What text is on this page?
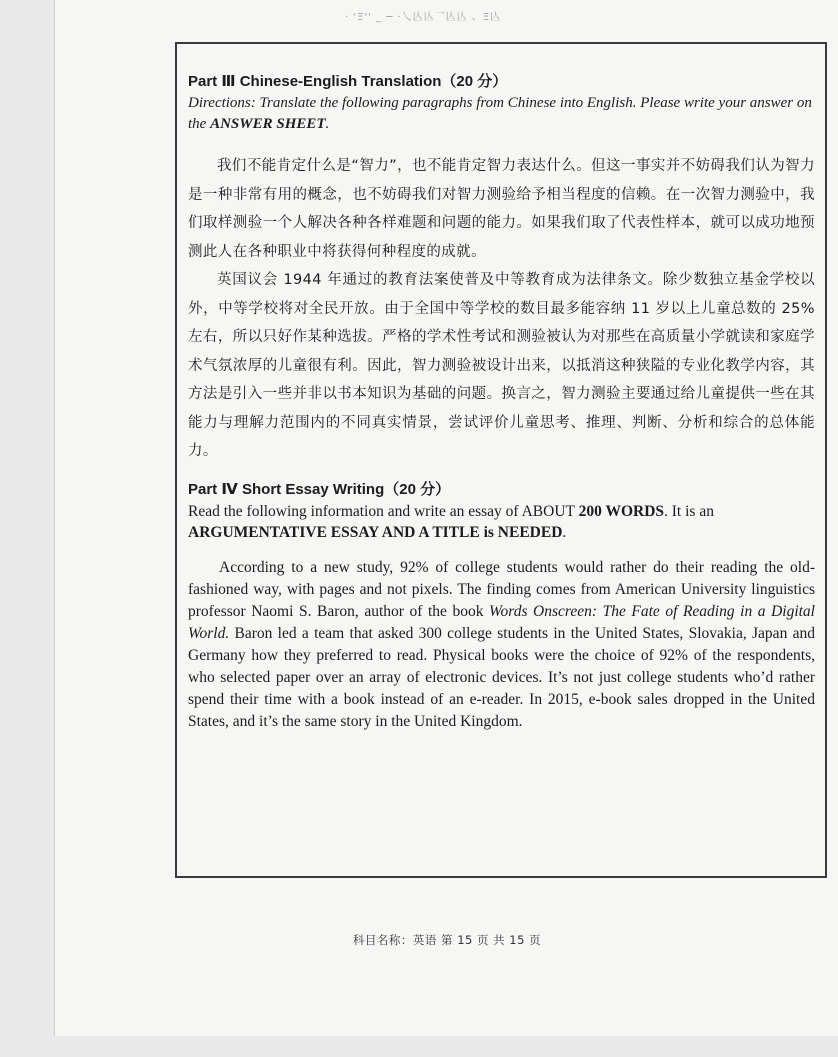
· 'Ξ'' _ ─ ·乀亾亾乛亾亾 、Ξ亾

Part Ⅲ Chinese-English Translation（20 分）

Directions: Translate the following paragraphs from Chinese into English. Please write your answer on the ANSWER SHEET.

我们不能肯定什么是“智力”，也不能肯定智力表达什么。但这一事实并不妨碍我们认为智力是一种非常有用的概念，也不妨碍我们对智力测验给予相当程度的信赖。在一次智力测验中，我们取样测验一个人解决各种各样难题和问题的能力。如果我们取了代表性样本，就可以成功地预测此人在各种职业中将获得何种程度的成就。

英国议会 1944 年通过的教育法案使普及中等教育成为法律条文。除少数独立基金学校以外，中等学校将对全民开放。由于全国中等学校的数目最多能容纳 11 岁以上儿童总数的 25%左右，所以只好作某种选拔。严格的学术性考试和测验被认为对那些在高质量小学就读和家庭学术气氛浓厚的儿童很有利。因此，智力测验被设计出来，以抵消这种狭隘的专业化教学内容，其方法是引入一些并非以书本知识为基础的问题。换言之，智力测验主要通过给儿童提供一些在其能力与理解力范围内的不同真实情景，尝试评价儿童思考、推理、判断、分析和综合的总体能力。

Part Ⅳ Short Essay Writing（20 分）

Read the following information and write an essay of ABOUT 200 WORDS. It is an ARGUMENTATIVE ESSAY AND A TITLE is NEEDED.

According to a new study, 92% of college students would rather do their reading the old-fashioned way, with pages and not pixels. The finding comes from American University linguistics professor Naomi S. Baron, author of the book Words Onscreen: The Fate of Reading in a Digital World. Baron led a team that asked 300 college students in the United States, Slovakia, Japan and Germany how they preferred to read. Physical books were the choice of 92% of the respondents, who selected paper over an array of electronic devices. It’s not just college students who’d rather spend their time with a book instead of an e-reader. In 2015, e-book sales dropped in the United States, and it’s the same story in the United Kingdom.

科目名称：英语 第 15 页 共 15 页
